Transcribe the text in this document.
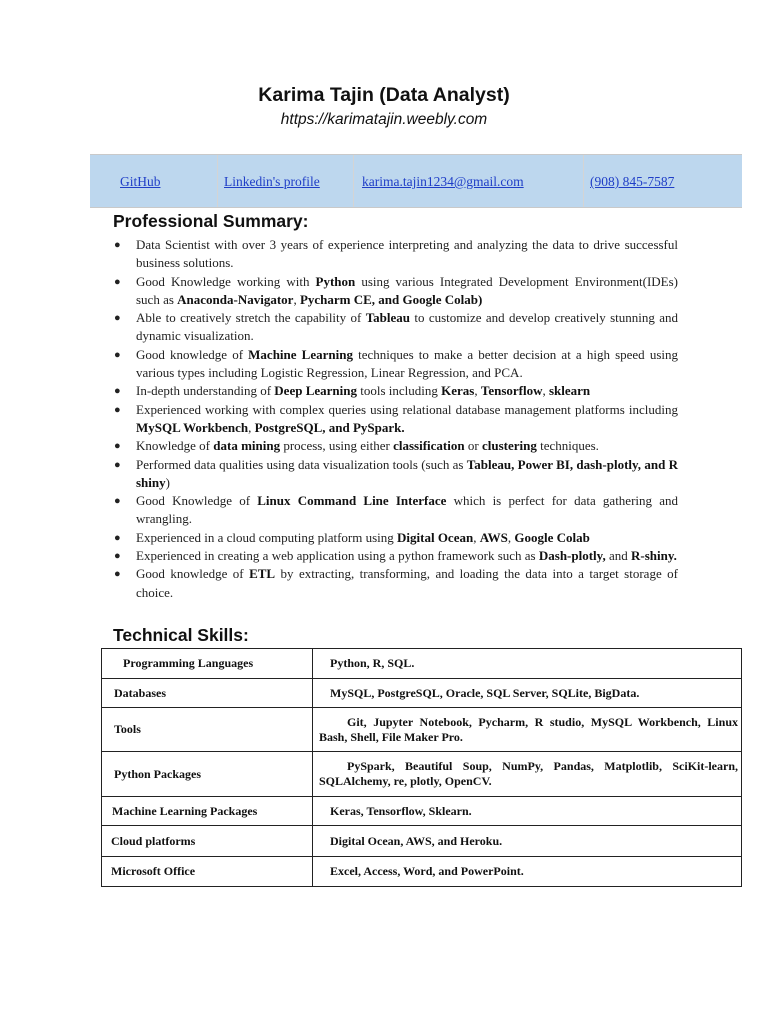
Karima Tajin (Data Analyst)
https://karimatajin.weebly.com
GitHub	Linkedin's profile	karima.tajin1234@gmail.com	(908) 845-7587
Professional Summary:
● Data Scientist with over 3 years of experience interpreting and analyzing the data to drive successful business solutions.
● Good Knowledge working with Python using various Integrated Development Environment(IDEs) such as Anaconda-Navigator, Pycharm CE, and Google Colab)
● Able to creatively stretch the capability of Tableau to customize and develop creatively stunning and dynamic visualization.
● Good knowledge of Machine Learning techniques to make a better decision at a high speed using various types including Logistic Regression, Linear Regression, and PCA.
● In-depth understanding of Deep Learning tools including Keras, Tensorflow, sklearn
● Experienced working with complex queries using relational database management platforms including MySQL Workbench, PostgreSQL, and PySpark.
● Knowledge of data mining process, using either classification or clustering techniques.
● Performed data qualities using data visualization tools (such as Tableau, Power BI, dash-plotly, and R shiny)
● Good Knowledge of Linux Command Line Interface which is perfect for data gathering and wrangling.
● Experienced in a cloud computing platform using Digital Ocean, AWS, Google Colab
● Experienced in creating a web application using a python framework such as Dash-plotly, and R-shiny.
● Good knowledge of ETL by extracting, transforming, and loading the data into a target storage of choice.
Technical Skills:
Programming Languages	Python, R, SQL.
Databases	MySQL, PostgreSQL, Oracle, SQL Server, SQLite, BigData.
Tools	Git, Jupyter Notebook, Pycharm, R studio, MySQL Workbench, Linux Bash, Shell, File Maker Pro.
Python Packages	PySpark, Beautiful Soup, NumPy, Pandas, Matplotlib, SciKit-learn, SQLAlchemy, re, plotly, OpenCV.
Machine Learning Packages	Keras, Tensorflow, Sklearn.
Cloud platforms	Digital Ocean, AWS, and Heroku.
Microsoft Office	Excel, Access, Word, and PowerPoint.
